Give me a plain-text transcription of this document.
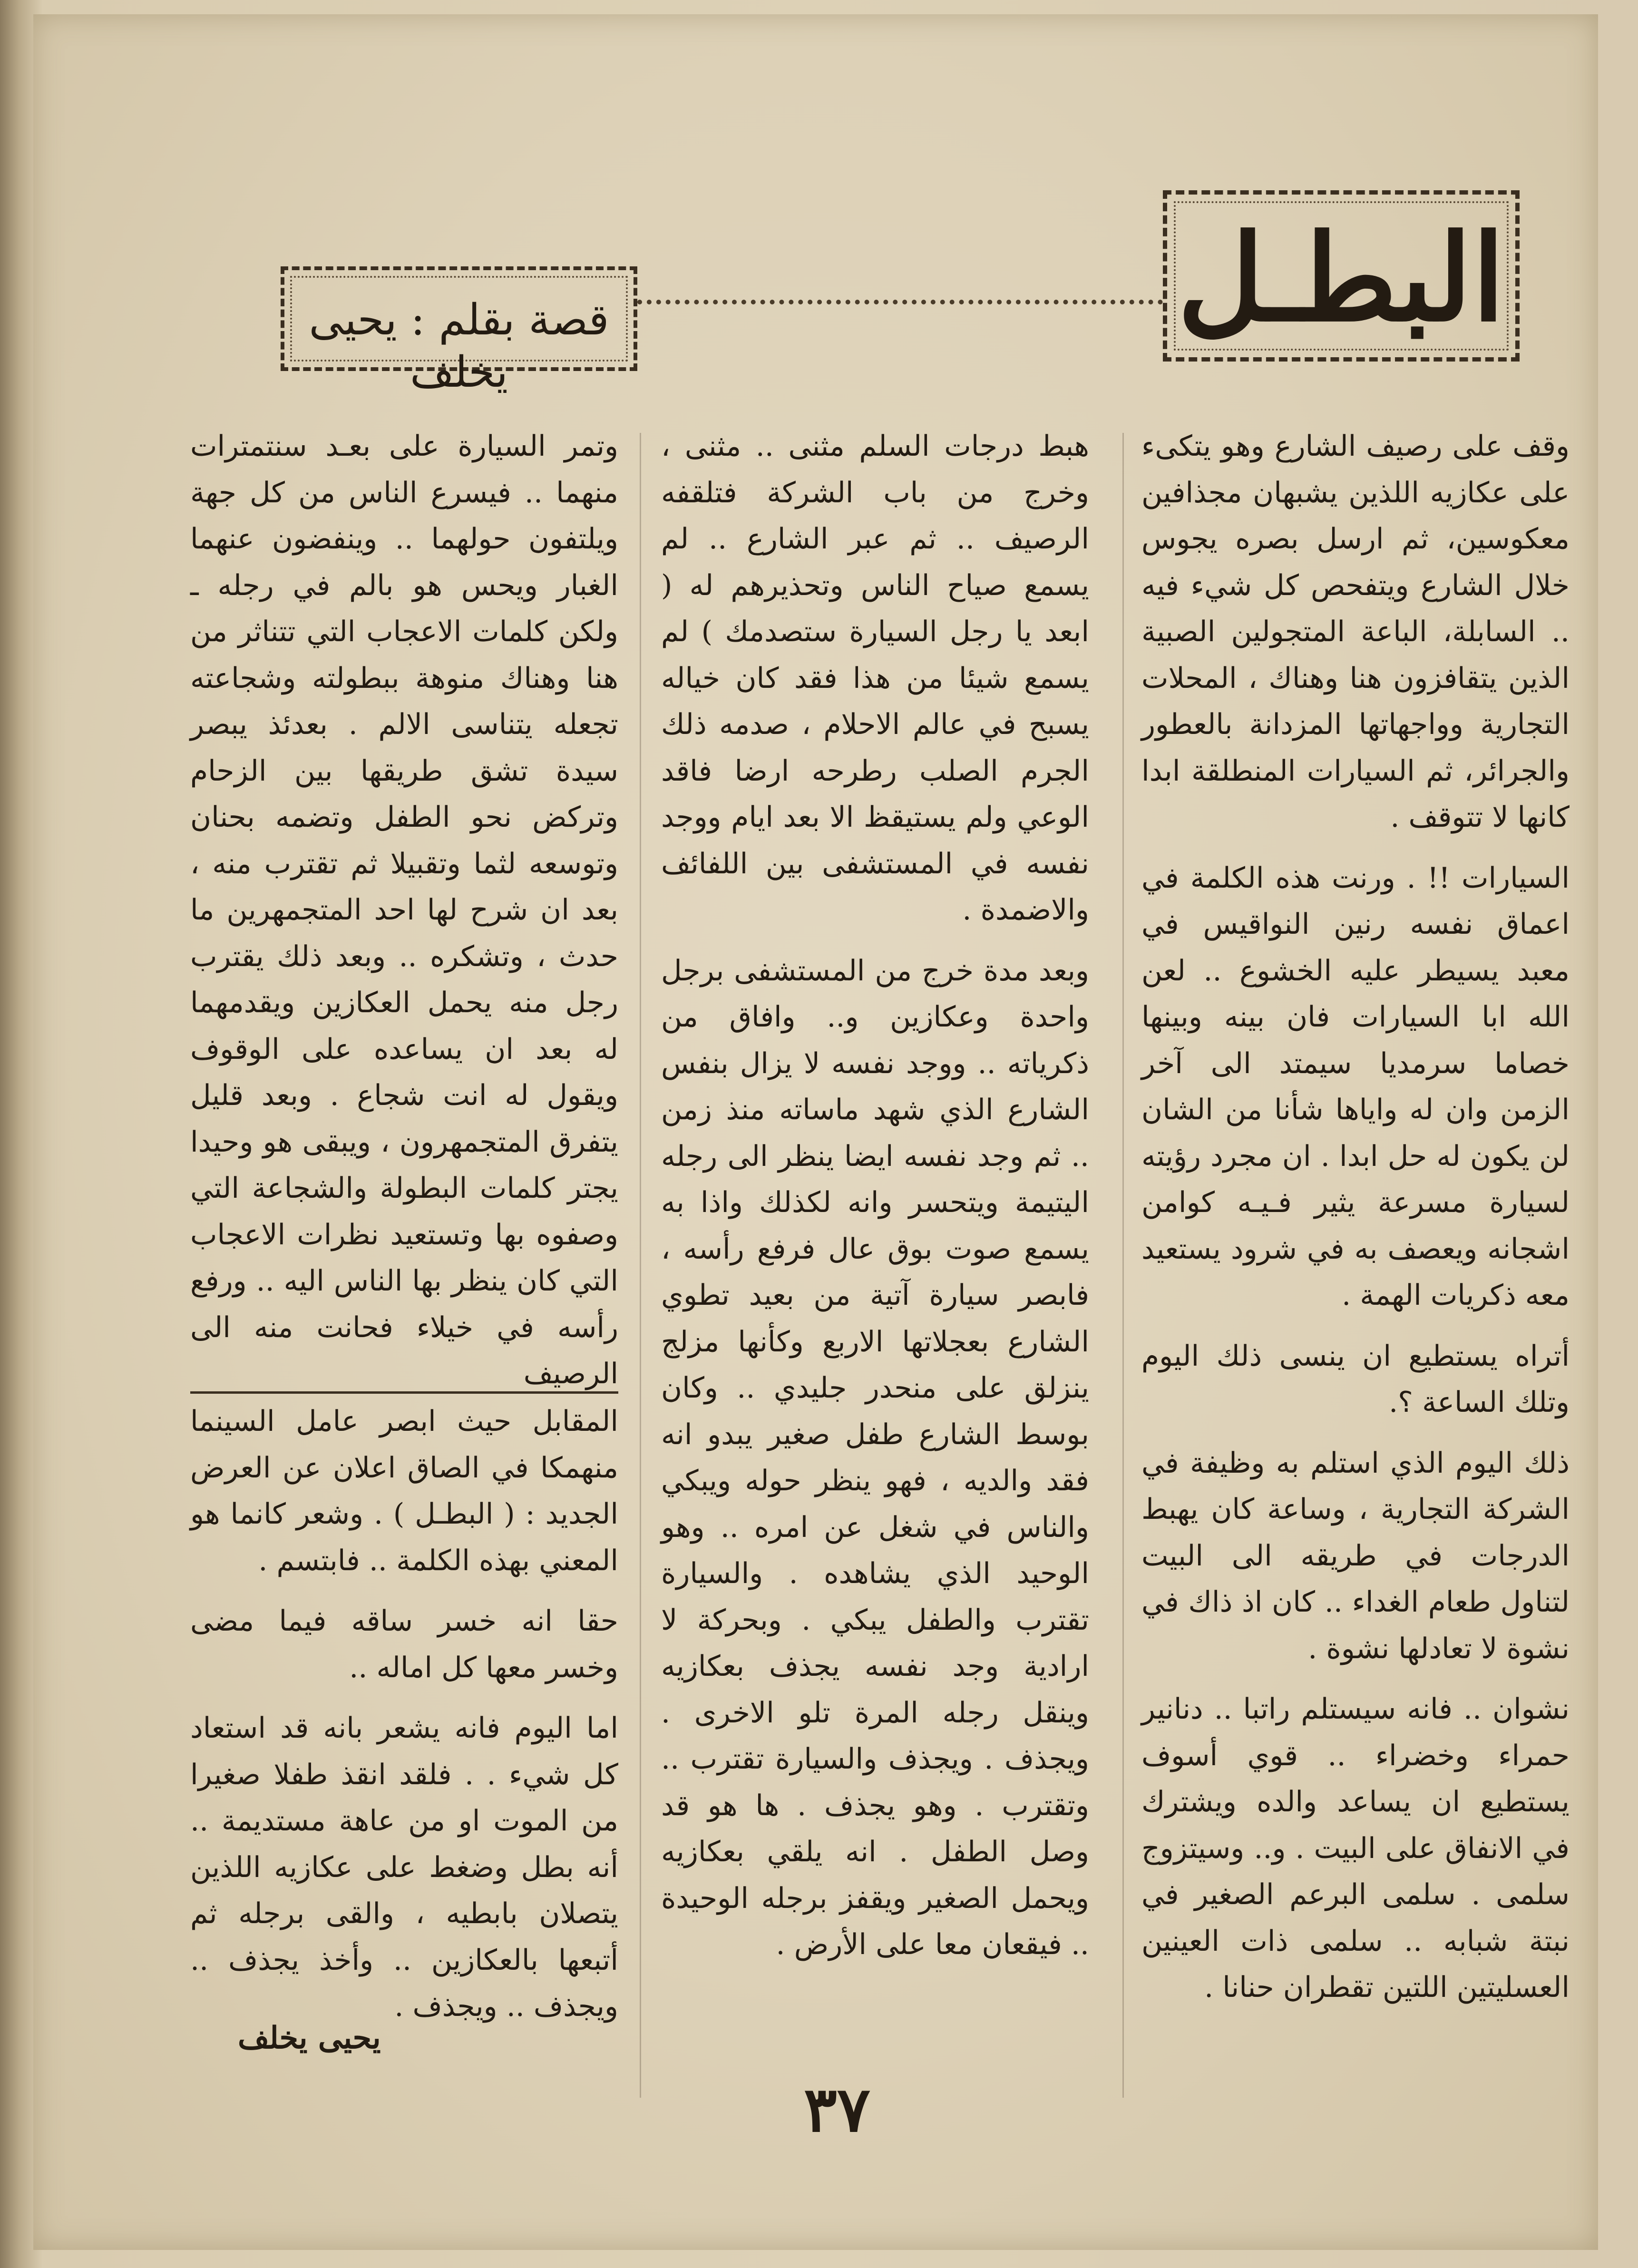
البطـل
قصة بقلم : يحيى يخلف

وقف على رصيف الشارع وهو يتكىء على عكازيه اللذين يشبهان مجذافين معكوسين، ثم ارسل بصره يجوس خلال الشارع ويتفحص كل شيء فيه .. السابلة، الباعة المتجولين الصبية الذين يتقافزون هنا وهناك ، المحلات التجارية وواجهاتها المزدانة بالعطور والجرائر، ثم السيارات المنطلقة ابدا كانها لا تتوقف .

السيارات !! . ورنت هذه الكلمة في اعماق نفسه رنين النواقيس في معبد يسيطر عليه الخشوع .. لعن الله ابا السيارات فان بينه وبينها خصاما سرمديا سيمتد الى آخر الزمن وان له واياها شأنا من الشان لن يكون له حل ابدا . ان مجرد رؤيته لسيارة مسرعة يثير فـيـه كوامن اشجانه ويعصف به في شرود يستعيد معه ذكريات الهمة .

أتراه يستطيع ان ينسى ذلك اليوم وتلك الساعة ؟.

ذلك اليوم الذي استلم به وظيفة في الشركة التجارية ، وساعة كان يهبط الدرجات في طريقه الى البيت لتناول طعام الغداء .. كان اذ ذاك في نشوة لا تعادلها نشوة .

نشوان .. فانه سيستلم راتبا .. دنانير حمراء وخضراء .. قوي أسوف يستطيع ان يساعد والده ويشترك في الانفاق على البيت . و.. وسيتزوج سلمى . سلمى البرعم الصغير في نبتة شبابه .. سلمى ذات العينين العسليتين اللتين تقطران حنانا .

هبط درجات السلم مثنى .. مثنى ، وخرج من باب الشركة فتلقفه الرصيف .. ثم عبر الشارع .. لم يسمع صياح الناس وتحذيرهم له ( ابعد يا رجل السيارة ستصدمك ) لم يسمع شيئا من هذا فقد كان خياله يسبح في عالم الاحلام ، صدمه ذلك الجرم الصلب رطرحه ارضا فاقد الوعي ولم يستيقظ الا بعد ايام ووجد نفسه في المستشفى بين اللفائف والاضمدة .

وبعد مدة خرج من المستشفى برجل واحدة وعكازين و.. وافاق من ذكرياته .. ووجد نفسه لا يزال بنفس الشارع الذي شهد ماساته منذ زمن .. ثم وجد نفسه ايضا ينظر الى رجله اليتيمة ويتحسر وانه لكذلك واذا به يسمع صوت بوق عال فرفع رأسه ، فابصر سيارة آتية من بعيد تطوي الشارع بعجلاتها الاربع وكأنها مزلج ينزلق على منحدر جليدي .. وكان بوسط الشارع طفل صغير يبدو انه فقد والديه ، فهو ينظر حوله ويبكي والناس في شغل عن امره .. وهو الوحيد الذي يشاهده . والسيارة تقترب والطفل يبكي . وبحركة لا ارادية وجد نفسه يجذف بعكازيه وينقل رجله المرة تلو الاخرى . ويجذف . ويجذف والسيارة تقترب .. وتقترب . وهو يجذف . ها هو قد وصل الطفل . انه يلقي بعكازيه ويحمل الصغير ويقفز برجله الوحيدة .. فيقعان معا على الأرض .

وتمر السيارة على بعـد سنتمترات منهما .. فيسرع الناس من كل جهة ويلتفون حولهما .. وينفضون عنهما الغبار ويحس هو بالم في رجله ـ ولكن كلمات الاعجاب التي تتناثر من هنا وهناك منوهة ببطولته وشجاعته تجعله يتناسى الالم . بعدئذ يبصر سيدة تشق طريقها بين الزحام وتركض نحو الطفل وتضمه بحنان وتوسعه لثما وتقبيلا ثم تقترب منه ، بعد ان شرح لها احد المتجمهرين ما حدث ، وتشكره .. وبعد ذلك يقترب رجل منه يحمل العكازين ويقدمهما له بعد ان يساعده على الوقوف ويقول له انت شجاع . وبعد قليل يتفرق المتجمهرون ، ويبقى هو وحيدا يجتر كلمات البطولة والشجاعة التي وصفوه بها وتستعيد نظرات الاعجاب التي كان ينظر بها الناس اليه .. ورفع رأسه في خيلاء فحانت منه الى الرصيف

المقابل حيث ابصر عامل السينما منهمكا في الصاق اعلان عن العرض الجديد : ( البطـل ) . وشعر كانما هو المعني بهذه الكلمة .. فابتسم .

حقا انه خسر ساقه فيما مضى وخسر معها كل اماله ..

اما اليوم فانه يشعر بانه قد استعاد كل شيء . . فلقد انقذ طفلا صغيرا من الموت او من عاهة مستديمة .. أنه بطل وضغط على عكازيه اللذين يتصلان بابطيه ، والقى برجله ثم أتبعها بالعكازين .. وأخذ يجذف .. ويجذف .. ويجذف .

يحيى يخلف
٣٧
